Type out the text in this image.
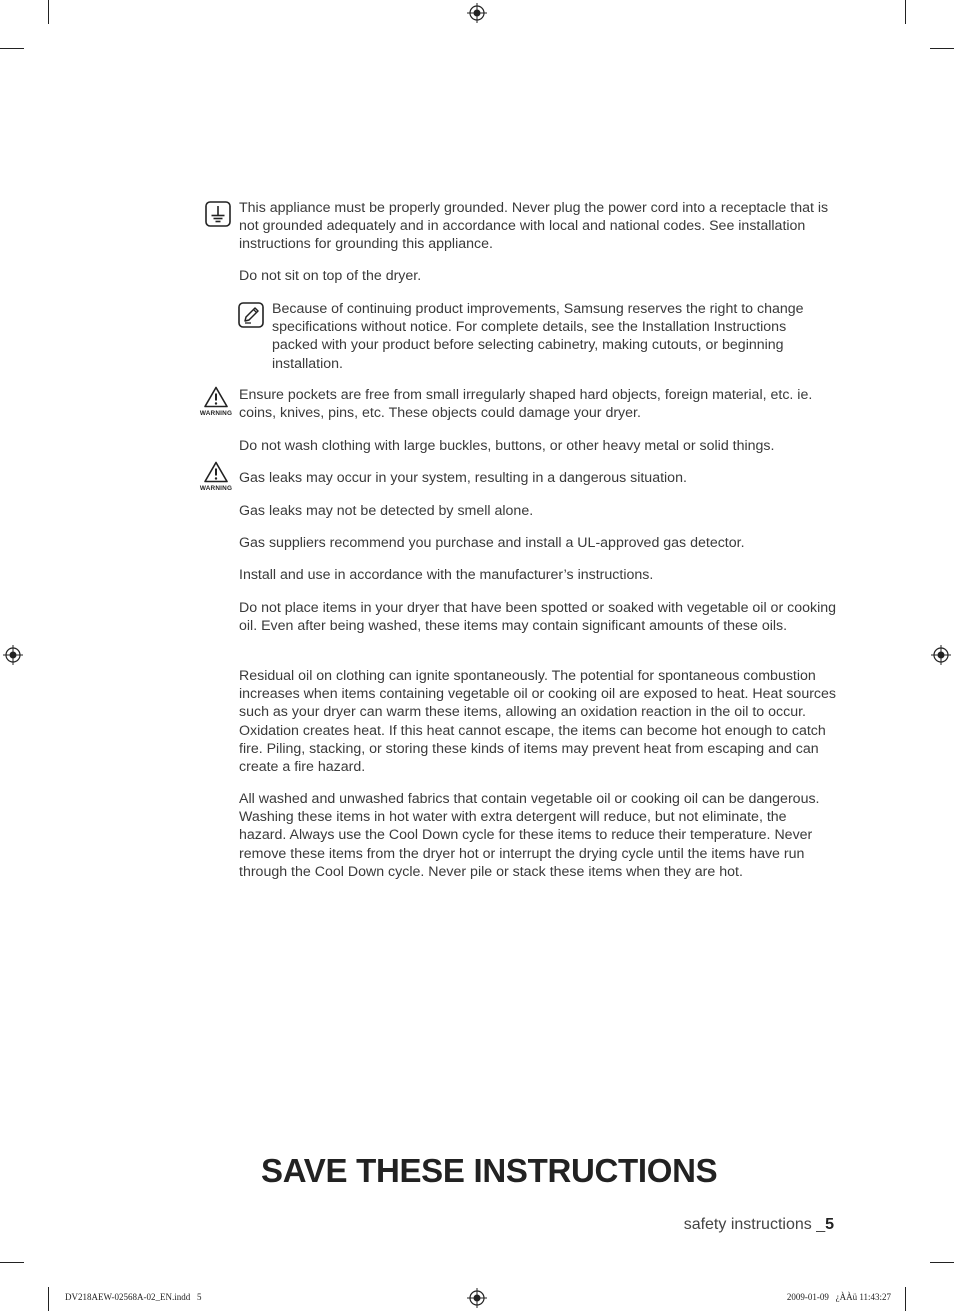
This appliance must be properly grounded. Never plug the power cord into a receptacle that is not grounded adequately and in accordance with local and national codes. See installation instructions for grounding this appliance.

Do not sit on top of the dryer.

Because of continuing product improvements, Samsung reserves the right to change specifications without notice. For complete details, see the Installation Instructions packed with your product before selecting cabinetry, making cutouts, or beginning installation.

WARNING

Ensure pockets are free from small irregularly shaped hard objects, foreign material, etc. ie. coins, knives, pins, etc. These objects could damage your dryer.

Do not wash clothing with large buckles, buttons, or other heavy metal or solid things.

WARNING

Gas leaks may occur in your system, resulting in a dangerous situation.

Gas leaks may not be detected by smell alone.

Gas suppliers recommend you purchase and install a UL-approved gas detector.

Install and use in accordance with the manufacturer’s instructions.

Do not place items in your dryer that have been spotted or soaked with vegetable oil or cooking oil. Even after being washed, these items may contain significant amounts of these oils.

Residual oil on clothing can ignite spontaneously. The potential for spontaneous combustion increases when items containing vegetable oil or cooking oil are exposed to heat. Heat sources such as your dryer can warm these items, allowing an oxidation reaction in the oil to occur. Oxidation creates heat. If this heat cannot escape, the items can become hot enough to catch fire. Piling, stacking, or storing these kinds of items may prevent heat from escaping and can create a fire hazard.

All washed and unwashed fabrics that contain vegetable oil or cooking oil can be dangerous. Washing these items in hot water with extra detergent will reduce, but not eliminate, the hazard. Always use the Cool Down cycle for these items to reduce their temperature. Never remove these items from the dryer hot or interrupt the drying cycle until the items have run through the Cool Down cycle. Never pile or stack these items when they are hot.

SAVE THESE INSTRUCTIONS
safety instructions _5
DV218AEW-02568A-02_EN.indd   5	2009-01-09   ¿ÀÀü 11:43:27
